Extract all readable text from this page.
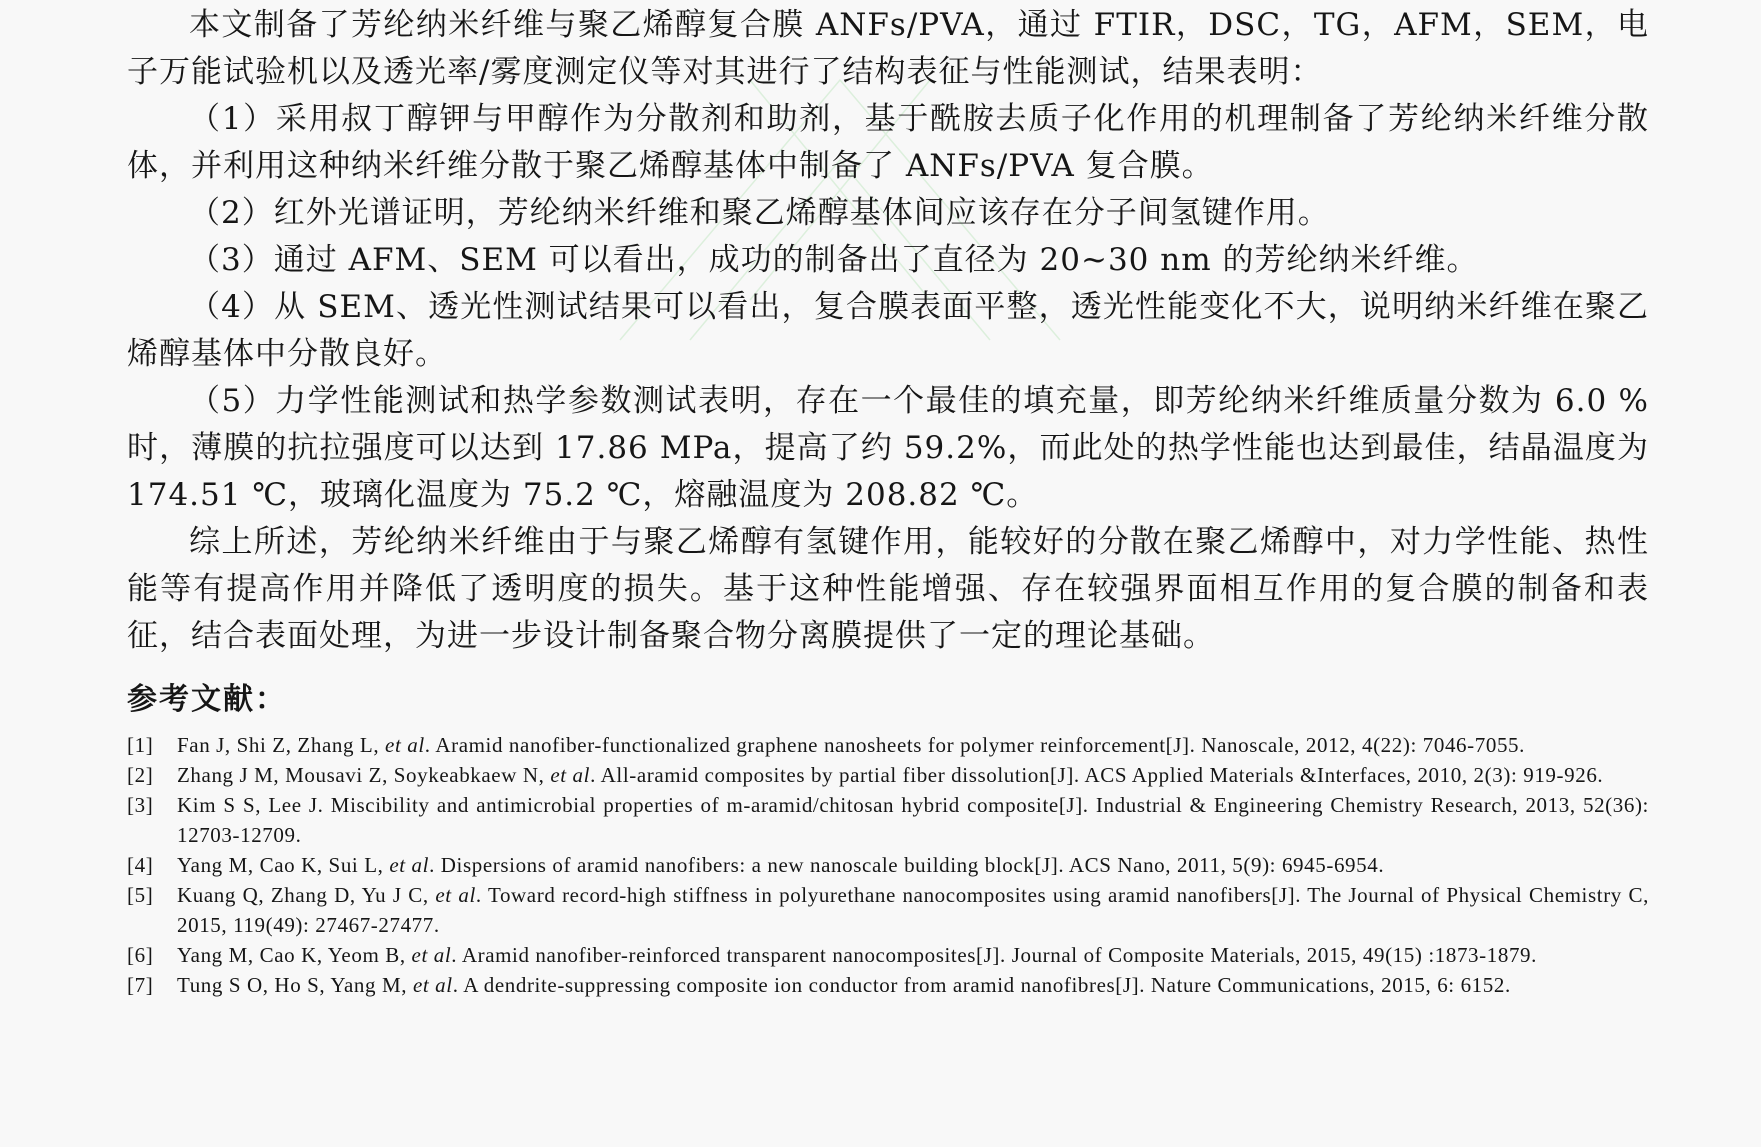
本文制备了芳纶纳米纤维与聚乙烯醇复合膜 ANFs/PVA，通过 FTIR，DSC，TG，AFM，SEM，电子万能试验机以及透光率/雾度测定仪等对其进行了结构表征与性能测试，结果表明：

（1）采用叔丁醇钾与甲醇作为分散剂和助剂，基于酰胺去质子化作用的机理制备了芳纶纳米纤维分散体，并利用这种纳米纤维分散于聚乙烯醇基体中制备了 ANFs/PVA 复合膜。

（2）红外光谱证明，芳纶纳米纤维和聚乙烯醇基体间应该存在分子间氢键作用。

（3）通过 AFM、SEM 可以看出，成功的制备出了直径为 20~30 nm 的芳纶纳米纤维。

（4）从 SEM、透光性测试结果可以看出，复合膜表面平整，透光性能变化不大，说明纳米纤维在聚乙烯醇基体中分散良好。

（5）力学性能测试和热学参数测试表明，存在一个最佳的填充量，即芳纶纳米纤维质量分数为 6.0 %时，薄膜的抗拉强度可以达到 17.86 MPa，提高了约 59.2%，而此处的热学性能也达到最佳，结晶温度为 174.51 ℃，玻璃化温度为 75.2 ℃，熔融温度为 208.82 ℃。

综上所述，芳纶纳米纤维由于与聚乙烯醇有氢键作用，能较好的分散在聚乙烯醇中，对力学性能、热性能等有提高作用并降低了透明度的损失。基于这种性能增强、存在较强界面相互作用的复合膜的制备和表征，结合表面处理，为进一步设计制备聚合物分离膜提供了一定的理论基础。

参考文献：
[1] Fan J, Shi Z, Zhang L, et al. Aramid nanofiber-functionalized graphene nanosheets for polymer reinforcement[J]. Nanoscale, 2012, 4(22): 7046-7055.
[2] Zhang J M, Mousavi Z, Soykeabkaew N, et al. All-aramid composites by partial fiber dissolution[J]. ACS Applied Materials &Interfaces, 2010, 2(3): 919-926.
[3] Kim S S, Lee J. Miscibility and antimicrobial properties of m-aramid/chitosan hybrid composite[J]. Industrial & Engineering Chemistry Research, 2013, 52(36): 12703-12709.
[4] Yang M, Cao K, Sui L, et al. Dispersions of aramid nanofibers: a new nanoscale building block[J]. ACS Nano, 2011, 5(9): 6945-6954.
[5] Kuang Q, Zhang D, Yu J C, et al. Toward record-high stiffness in polyurethane nanocomposites using aramid nanofibers[J]. The Journal of Physical Chemistry C, 2015, 119(49): 27467-27477.
[6] Yang M, Cao K, Yeom B, et al. Aramid nanofiber-reinforced transparent nanocomposites[J]. Journal of Composite Materials, 2015, 49(15) :1873-1879.
[7] Tung S O, Ho S, Yang M, et al. A dendrite-suppressing composite ion conductor from aramid nanofibres[J]. Nature Communications, 2015, 6: 6152.
